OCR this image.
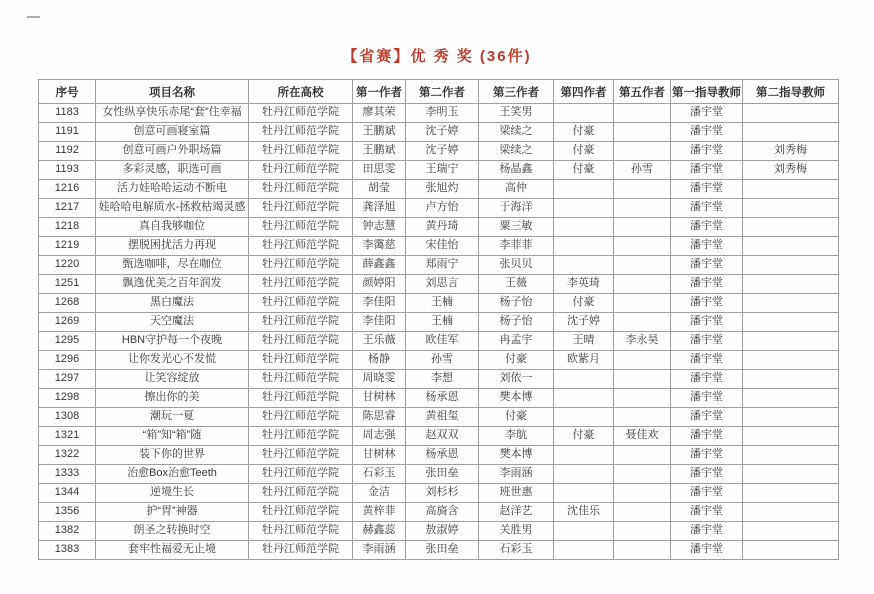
【省赛】优 秀 奖 (36件)
序号	项目名称	所在高校	第一作者	第二作者	第三作者	第四作者	第五作者	第一指导教师	第二指导教师
1183	女性纵享快乐赤尾“套”住幸福	牡丹江师范学院	廖其荣	李明玉	王笑男			潘宇堂	
1191	创意可画寝室篇	牡丹江师范学院	王鹏斌	沈子婷	梁续之	付豪		潘宇堂	
1192	创意可画户外职场篇	牡丹江师范学院	王鹏斌	沈子婷	梁续之	付豪		潘宇堂	刘秀梅
1193	多彩灵感，职选可画	牡丹江师范学院	田思雯	王瑞宁	杨晶鑫	付豪	孙雪	潘宇堂	刘秀梅
1216	活力娃哈哈运动不断电	牡丹江师范学院	胡莹	张旭灼	高仲			潘宇堂	
1217	娃哈哈电解质水-拯救枯竭灵感	牡丹江师范学院	龚泽旭	卢方怡	于海洋			潘宇堂	
1218	真自我够咖位	牡丹江师范学院	钟志慧	黄丹琦	粟三敏			潘宇堂	
1219	摆脱困扰活力再现	牡丹江师范学院	李霭慈	宋佳怡	李菲菲			潘宇堂	
1220	甄选咖啡，尽在咖位	牡丹江师范学院	薛鑫鑫	郑雨宁	张贝贝			潘宇堂	
1251	飘逸优美之百年润发	牡丹江师范学院	颜婷阳	刘思言	王薇	李英琦		潘宇堂	
1268	黑白魔法	牡丹江师范学院	李佳阳	王楠	杨子怡	付豪		潘宇堂	
1269	天空魔法	牡丹江师范学院	李佳阳	王楠	杨子怡	沈子婷		潘宇堂	
1295	HBN守护每一个夜晚	牡丹江师范学院	王乐薇	欧佳军	冉孟宇	王晴	李永昊	潘宇堂	
1296	让你发光心不发慌	牡丹江师范学院	杨静	孙雪	付豪	欧紫月		潘宇堂	
1297	让笑容绽放	牡丹江师范学院	周晓雯	李想	刘依一			潘宇堂	
1298	擦出你的美	牡丹江师范学院	甘树林	杨承恩	樊本博			潘宇堂	
1308	潮玩一夏	牡丹江师范学院	陈思睿	黄祖玺	付豪			潘宇堂	
1321	“箱”知“箱”随	牡丹江师范学院	周志强	赵双双	李航	付豪	聂佳欢	潘宇堂	
1322	装下你的世界	牡丹江师范学院	甘树林	杨承恩	樊本博			潘宇堂	
1333	治愈Box治愈Teeth	牡丹江师范学院	石彩玉	张田垒	李雨涵			潘宇堂	
1344	逆境生长	牡丹江师范学院	金洁	刘杉杉	班世惠			潘宇堂	
1356	护“胃”神器	牡丹江师范学院	黄梓菲	高旖含	赵洋艺	沈佳乐		潘宇堂	
1382	朗圣之转换时空	牡丹江师范学院	赫鑫蕊	敖淑婷	关胜男			潘宇堂	
1383	套牢性福爱无止境	牡丹江师范学院	李雨涵	张田垒	石彩玉			潘宇堂	
